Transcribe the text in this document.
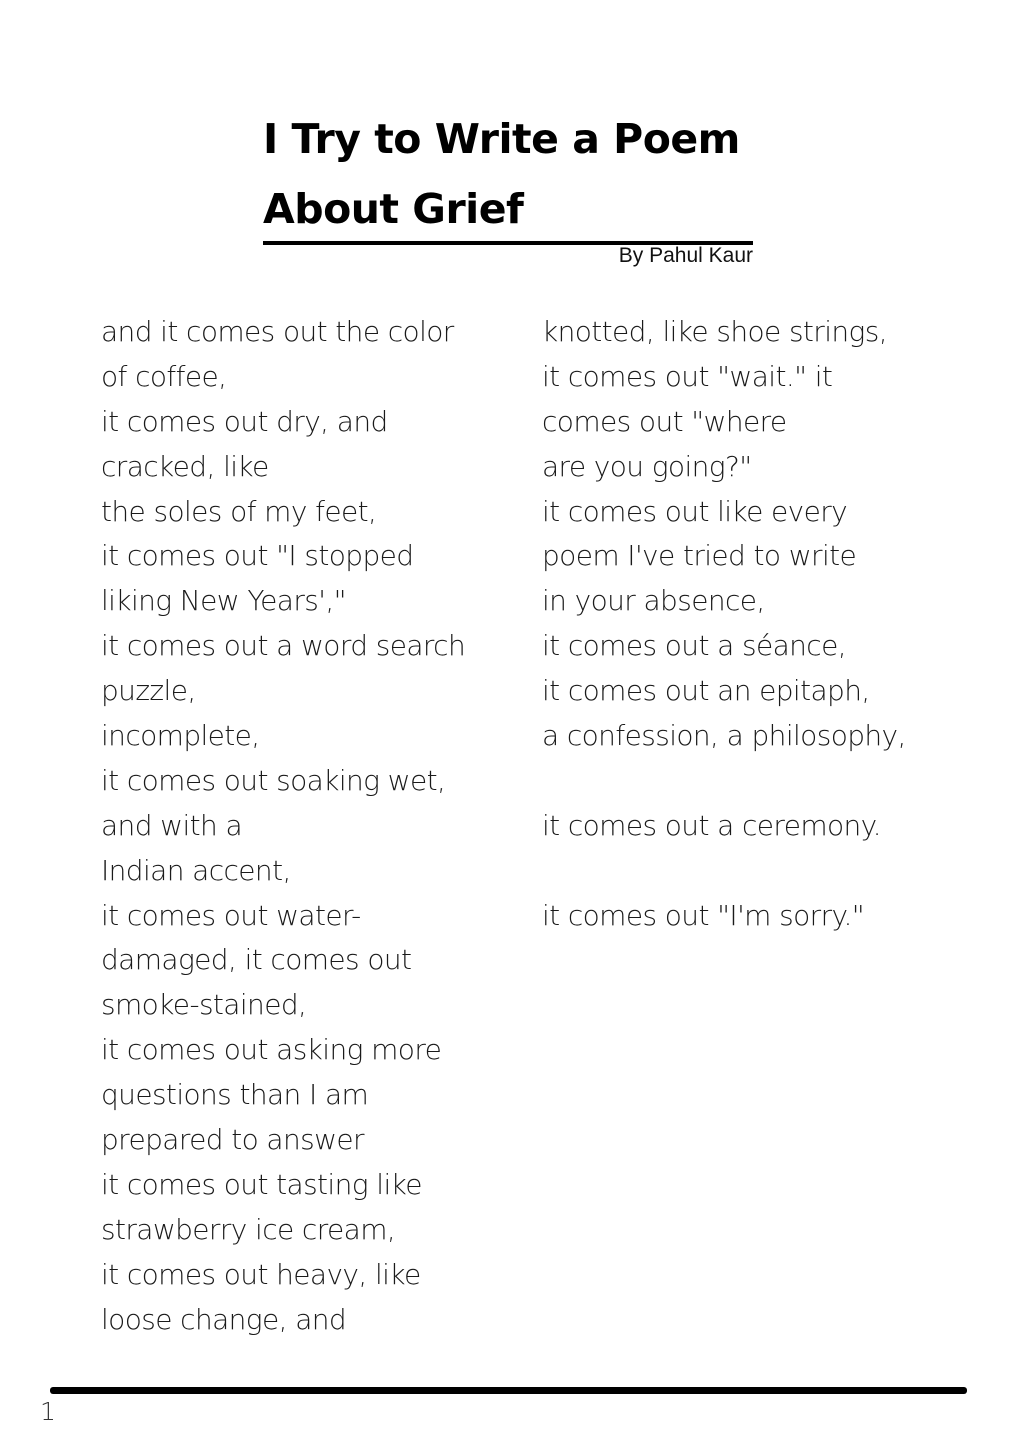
I Try to Write a Poem
About Grief
By Pahul Kaur
and it comes out the color
of coffee,
it comes out dry, and
cracked, like
the soles of my feet,
it comes out "I stopped
liking New Years',"
it comes out a word search
puzzle,
incomplete,
it comes out soaking wet,
and with a
Indian accent,
it comes out water-
damaged, it comes out
smoke-stained,
it comes out asking more
questions than I am
prepared to answer
it comes out tasting like
strawberry ice cream,
it comes out heavy, like
loose change, and
knotted, like shoe strings,
it comes out "wait." it
comes out "where
are you going?"
it comes out like every
poem I've tried to write
in your absence,
it comes out a séance,
it comes out an epitaph,
a confession, a philosophy,
it comes out a ceremony.
it comes out "I'm sorry."
1
